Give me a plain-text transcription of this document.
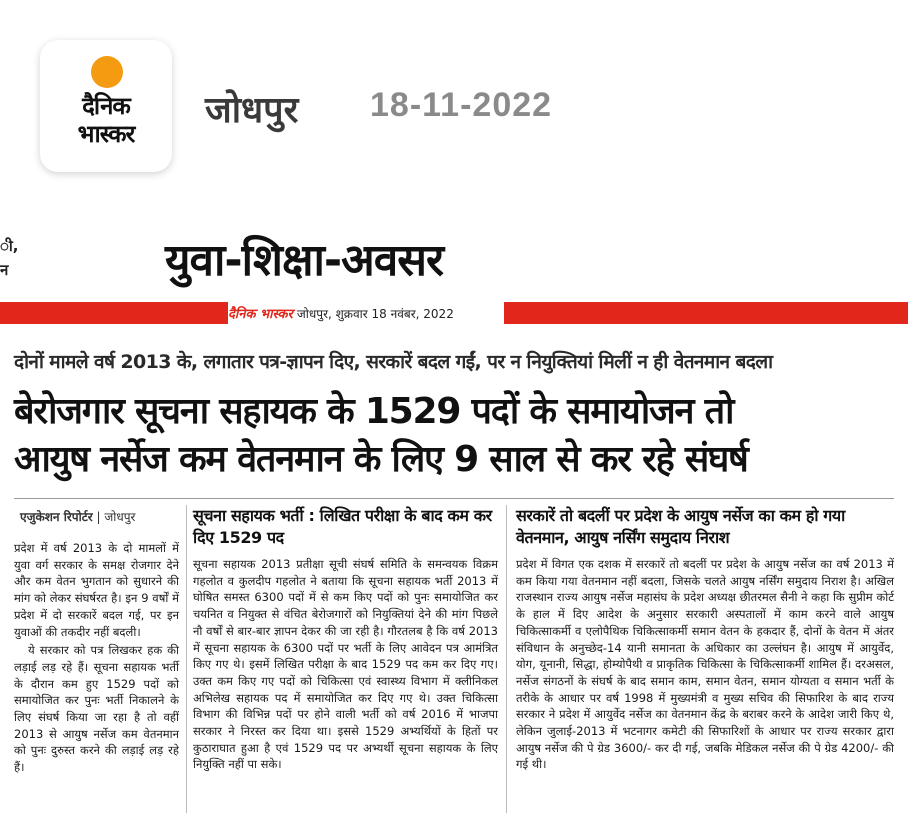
दैनिक
भास्कर
जोधपुर 18-11-2022
ी, न	युवा-शिक्षा-अवसर
दैनिक भास्कर जोधपुर, शुक्रवार 18 नवंबर, 2022
दोनों मामले वर्ष 2013 के, लगातार पत्र-ज्ञापन दिए, सरकारें बदल गईं, पर न नियुक्तियां मिलीं न ही वेतनमान बदला
बेरोजगार सूचना सहायक के 1529 पदों के समायोजन तो
आयुष नर्सेज कम वेतनमान के लिए 9 साल से कर रहे संघर्ष
एजुकेशन रिपोर्टर | जोधपुर

प्रदेश में वर्ष 2013 के दो मामलों में युवा वर्ग सरकार के समक्ष रोजगार देने और कम वेतन भुगतान को सुधारने की मांग को लेकर संघर्षरत है। इन 9 वर्षों में प्रदेश में दो सरकारें बदल गई, पर इन युवाओं की तकदीर नहीं बदली।

ये सरकार को पत्र लिखकर हक की लड़ाई लड़ रहे हैं। सूचना सहायक भर्ती के दौरान कम हुए 1529 पदों को समायोजित कर पुनः भर्ती निकालने के लिए संघर्ष किया जा रहा है तो वहीं 2013 से आयुष नर्सेज कम वेतनमान को पुनः दुरुस्त करने की लड़ाई लड़ रहे हैं।

सूचना सहायक भर्ती : लिखित परीक्षा के बाद कम कर दिए 1529 पद

सूचना सहायक 2013 प्रतीक्षा सूची संघर्ष समिति के समन्वयक विक्रम गहलोत व कुलदीप गहलोत ने बताया कि सूचना सहायक भर्ती 2013 में घोषित समस्त 6300 पदों में से कम किए पदों को पुनः समायोजित कर चयनित व नियुक्त से वंचित बेरोजगारों को नियुक्तियां देने की मांग पिछले नौ वर्षों से बार-बार ज्ञापन देकर की जा रही है। गौरतलब है कि वर्ष 2013 में सूचना सहायक के 6300 पदों पर भर्ती के लिए आवेदन पत्र आमंत्रित किए गए थे। इसमें लिखित परीक्षा के बाद 1529 पद कम कर दिए गए। उक्त कम किए गए पदों को चिकित्सा एवं स्वास्थ्य विभाग में क्लीनिकल अभिलेख सहायक पद में समायोजित कर दिए गए थे। उक्त चिकित्सा विभाग की विभिन्न पदों पर होने वाली भर्ती को वर्ष 2016 में भाजपा सरकार ने निरस्त कर दिया था। इससे 1529 अभ्यर्थियों के हितों पर कुठाराघात हुआ है एवं 1529 पद पर अभ्यर्थी सूचना सहायक के लिए नियुक्ति नहीं पा सके।

सरकारें तो बदलीं पर प्रदेश के आयुष नर्सेज का कम हो गया वेतनमान, आयुष नर्सिंग समुदाय निराश

प्रदेश में विगत एक दशक में सरकारें तो बदलीं पर प्रदेश के आयुष नर्सेज का वर्ष 2013 में कम किया गया वेतनमान नहीं बदला, जिसके चलते आयुष नर्सिंग समुदाय निराश है। अखिल राजस्थान राज्य आयुष नर्सेज महासंघ के प्रदेश अध्यक्ष छीतरमल सैनी ने कहा कि सुप्रीम कोर्ट के हाल में दिए आदेश के अनुसार सरकारी अस्पतालों में काम करने वाले आयुष चिकित्साकर्मी व एलोपैथिक चिकित्साकर्मी समान वेतन के हकदार हैं, दोनों के वेतन में अंतर संविधान के अनुच्छेद-14 यानी समानता के अधिकार का उल्लंघन है। आयुष में आयुर्वेद, योग, यूनानी, सिद्धा, होम्योपैथी व प्राकृतिक चिकित्सा के चिकित्साकर्मी शामिल हैं। दरअसल, नर्सेज संगठनों के संघर्ष के बाद समान काम, समान वेतन, समान योग्यता व समान भर्ती के तरीके के आधार पर वर्ष 1998 में मुख्यमंत्री व मुख्य सचिव की सिफारिश के बाद राज्य सरकार ने प्रदेश में आयुर्वेद नर्सेज का वेतनमान केंद्र के बराबर करने के आदेश जारी किए थे, लेकिन जुलाई-2013 में भटनागर कमेटी की सिफारिशों के आधार पर राज्य सरकार द्वारा आयुष नर्सेज की पे ग्रेड 3600/- कर दी गई, जबकि मेडिकल नर्सेज की पे ग्रेड 4200/- की गई थी।
